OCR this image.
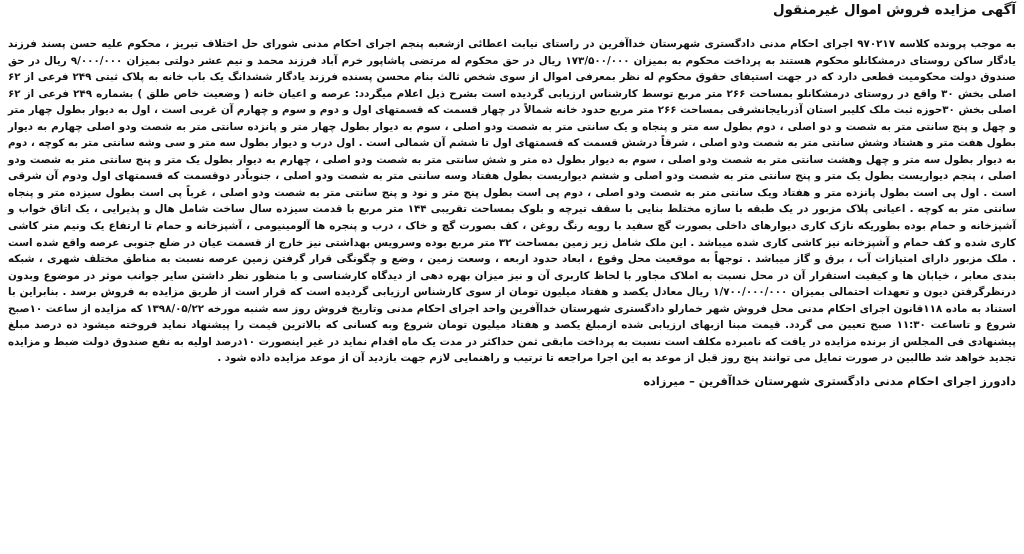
آگهی مزایده فروش اموال غیرمنقول

به موجب پرونده کلاسه ۹۷۰۲۱۷ اجرای احکام مدنی دادگستری شهرستان خداآفرین در راستای نیابت اعطائی ازشعبه پنجم اجرای احکام مدنی شورای حل اختلاف تبریز ، محکوم علیه حسن پسند فرزند یادگار ساکن روستای درمشکانلو محکوم هستند به پرداخت محکوم به بمیزان ۱۷۳/۵۰۰/۰۰۰ ریال در حق محکوم له مرتضی پاشاپور خرم آباد فرزند محمد و نیم عشر دولتی بمیزان ۹/۰۰۰/۰۰۰ ریال در حق صندوق دولت محکومیت قطعی دارد که در جهت استیفای حقوق محکوم له نظر بمعرفی اموال از سوی شخص ثالث بنام محسن پسنده فرزند یادگار ششدانگ یک باب خانه به پلاک ثبتی ۲۴۹ فرعی از ۶۲ اصلی بخش ۳۰ واقع در روستای درمشکانلو بمساحت ۲۶۶ متر مربع توسط کارشناس ارزیابی گردیده است بشرح ذیل اعلام میگردد: عرصه و اعیان خانه ( وضعیت خاص طلق ) بشماره ۲۴۹ فرعی از ۶۲ اصلی بخش ۳۰حوزه ثبت ملک کلیبر استان آذربایجانشرقی بمساحت ۲۶۶ متر مربع حدود خانه شمالاً در چهار قسمت که قسمتهای اول و دوم و سوم و چهارم آن غربی است ، اول به دیوار بطول چهار متر و چهل و پنج سانتی متر به شصت و دو اصلی ، دوم بطول سه متر و پنجاه و یک سانتی متر به شصت ودو اصلی ، سوم به دیوار بطول چهار متر و پانزده سانتی متر به شصت ودو اصلی چهارم به دیوار بطول هفت متر و هشتاد وشش سانتی متر به شصت ودو اصلی ، شرقاً درشش قسمت که قسمتهای اول تا ششم آن شمالی است . اول درب و دیوار بطول سه متر و سی وشه سانتی متر به کوچه ، دوم به دیوار بطول سه متر و چهل وهشت سانتی متر به شصت ودو اصلی ، سوم به دیوار بطول ده متر و شش سانتی متر به شصت ودو اصلی ، چهارم به دیوار بطول یک متر و پنج سانتی متر به شصت ودو اصلی ، پنجم دیواریست بطول یک متر و پنج سانتی متر به شصت ودو اصلی و ششم دیواریست بطول هفتاد وسه سانتی متر به شصت ودو اصلی ، جنوباًدر دوقسمت که قسمتهای اول ودوم آن شرقی است . اول پی است بطول پانزده متر و هفتاد ویک سانتی متر به شصت ودو اصلی ، دوم پی است بطول پنج متر و نود و پنج سانتی متر به شصت ودو اصلی ، غرباً پی است بطول سیزده متر و پنجاه سانتی متر به کوچه . اعیانی پلاک مزبور در یک طبقه با سازه مختلط بنایی با سقف تیرچه و بلوک بمساحت تقریبی ۱۴۴ متر مربع با قدمت سیزده سال ساخت شامل هال و پذیرایی ، یک اتاق خواب و آشپزخانه و حمام بوده بطوریکه نازک کاری دیوارهای داخلی بصورت گچ سفید با رویه رنگ روغن ، کف بصورت گچ و خاک ، درب و پنجره ها آلومینیومی ، آشپزخانه و حمام تا ارتفاع یک ونیم متر کاشی کاری شده و کف حمام و آشپزخانه نیز کاشی کاری شده میباشد . این ملک شامل زیر زمین بمساحت ۳۲ متر مربع بوده وسرویس بهداشتی نیز خارج از قسمت عیان در ضلع جنوبی عرصه واقع شده است . ملک مزبور دارای امتیازات آب ، برق و گاز میباشد . توجهاً به موقعیت محل وقوع ، ابعاد حدود اربعه ، وسعت زمین ، وضع و چگونگی قرار گرفتن زمین عرصه نسبت به مناطق مختلف شهری ، شبکه بندی معابر ، خیابان ها و کیفیت استقرار آن در محل نسبت به املاک مجاور با لحاظ کاربری آن و نیز میزان بهره دهی از دیدگاه کارشناسی و با منظور نظر داشتن سایر جوانب موثر در موضوع وبدون درنظرگرفتن دیون و تعهدات احتمالی بمیزان ۱/۷۰۰/۰۰۰/۰۰۰ ریال معادل یکصد و هفتاد میلیون تومان از سوی کارشناس ارزیابی گردیده است که قرار است از طریق مزایده به فروش برسد . بنابراین با استناد به ماده ۱۱۸قانون اجرای احکام مدنی محل فروش شهر خمارلو دادگستری شهرستان خداآفرین واحد اجرای احکام مدنی وتاریخ فروش روز سه شنبه مورخه ۱۳۹۸/۰۵/۲۲ که مزایده از ساعت ۱۰صبح شروع و تاساعت ۱۱:۳۰ صبح تعیین می گردد. قیمت مبنا ازبهای ارزیابی شده ازمبلغ یکصد و هفتاد میلیون تومان شروع وبه کسانی که بالاترین قیمت را پیشنهاد نماید فروخته میشود ده درصد مبلغ پیشنهادی فی المجلس از برنده مزایده در یافت که نامبرده مکلف است نسبت به پرداخت مابقی ثمن حداکثر در مدت یک ماه اقدام نماید در غیر اینصورت ۱۰درصد اولیه به نفع صندوق دولت ضبط و مزایده تجدید خواهد شد طالبین در صورت تمایل می توانند پنج روز قبل از موعد به این اجرا مراجعه تا ترتیب و راهنمایی لازم جهت بازدید آن از موعد مزایده داده شود .

دادورز اجرای احکام مدنی دادگستری شهرستان خداآفرین – میرزاده
